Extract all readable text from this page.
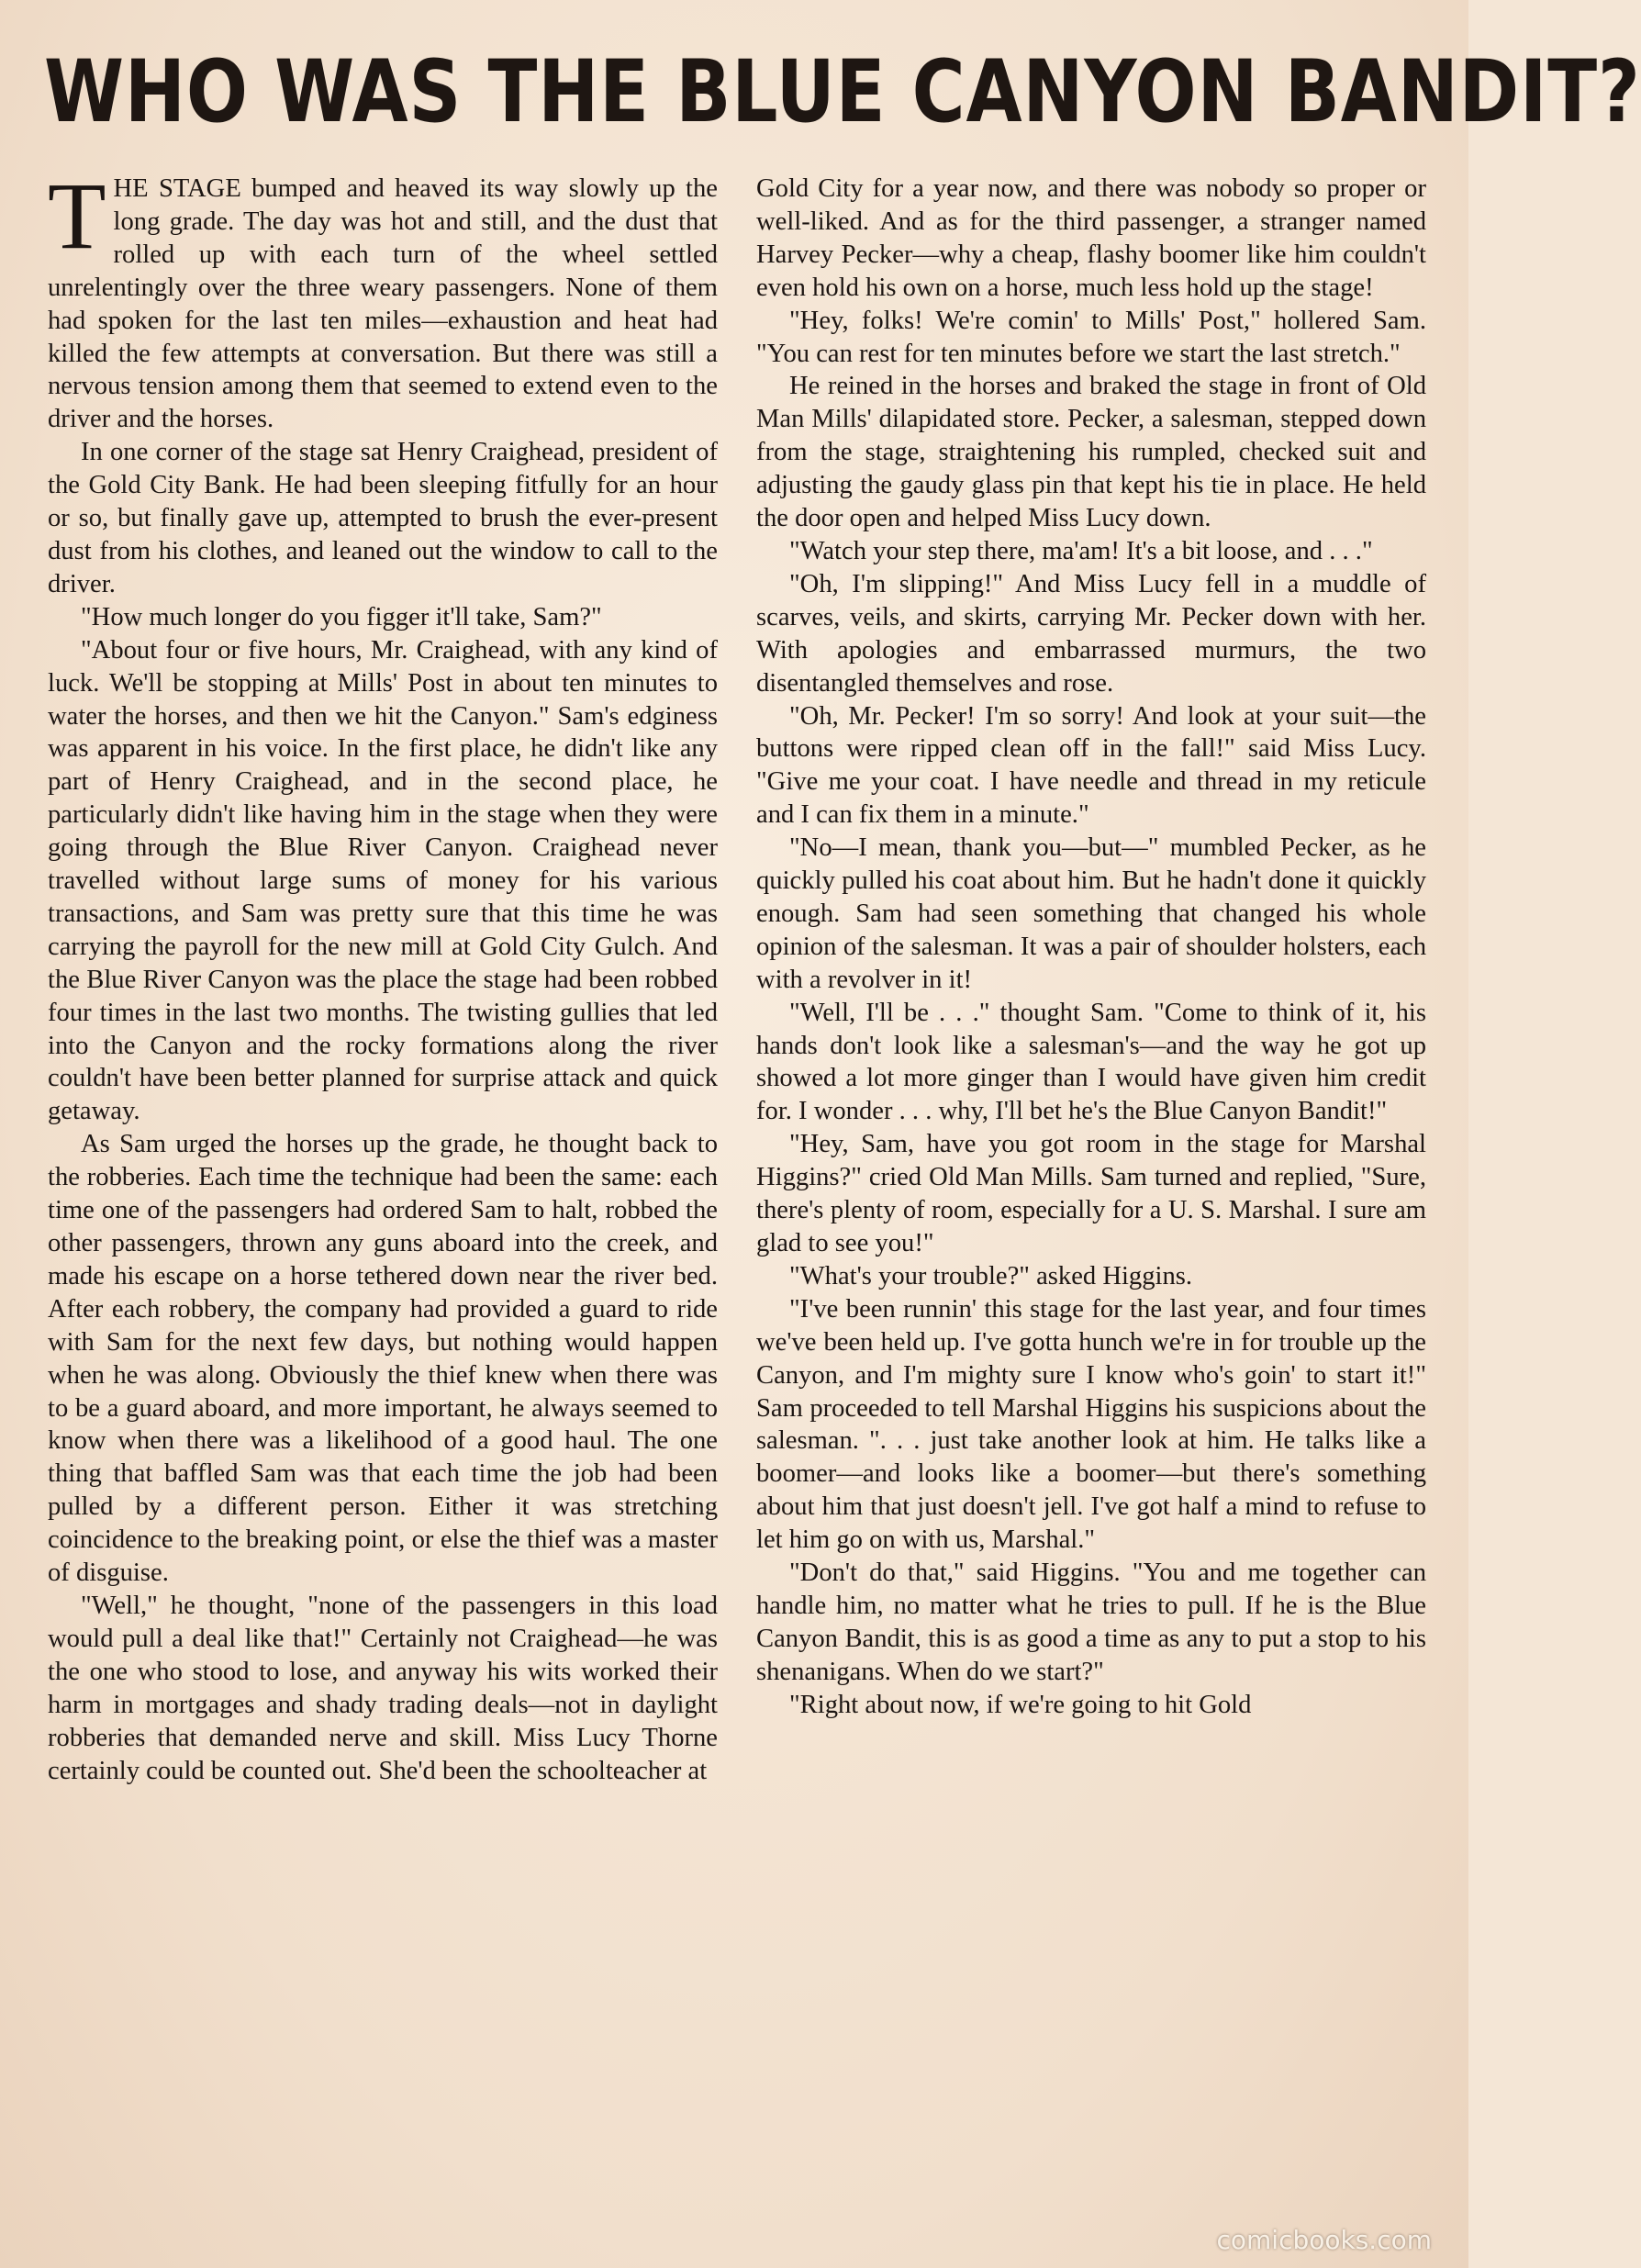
WHO WAS THE BLUE CANYON BANDIT?

THE STAGE bumped and heaved its way slowly up the long grade. The day was hot and still, and the dust that rolled up with each turn of the wheel settled unrelentingly over the three weary passengers. None of them had spoken for the last ten miles—exhaustion and heat had killed the few attempts at conversation. But there was still a nervous tension among them that seemed to extend even to the driver and the horses.

In one corner of the stage sat Henry Craighead, president of the Gold City Bank. He had been sleeping fitfully for an hour or so, but finally gave up, attempted to brush the ever-present dust from his clothes, and leaned out the window to call to the driver.

"How much longer do you figger it'll take, Sam?"

"About four or five hours, Mr. Craighead, with any kind of luck. We'll be stopping at Mills' Post in about ten minutes to water the horses, and then we hit the Canyon." Sam's edginess was apparent in his voice. In the first place, he didn't like any part of Henry Craighead, and in the second place, he particularly didn't like having him in the stage when they were going through the Blue River Canyon. Craighead never travelled without large sums of money for his various transactions, and Sam was pretty sure that this time he was carrying the payroll for the new mill at Gold City Gulch. And the Blue River Canyon was the place the stage had been robbed four times in the last two months. The twisting gullies that led into the Canyon and the rocky formations along the river couldn't have been better planned for surprise attack and quick getaway.

As Sam urged the horses up the grade, he thought back to the robberies. Each time the technique had been the same: each time one of the passengers had ordered Sam to halt, robbed the other passengers, thrown any guns aboard into the creek, and made his escape on a horse tethered down near the river bed. After each robbery, the company had provided a guard to ride with Sam for the next few days, but nothing would happen when he was along. Obviously the thief knew when there was to be a guard aboard, and more important, he always seemed to know when there was a likelihood of a good haul. The one thing that baffled Sam was that each time the job had been pulled by a different person. Either it was stretching coincidence to the breaking point, or else the thief was a master of disguise.

"Well," he thought, "none of the passengers in this load would pull a deal like that!" Certainly not Craighead—he was the one who stood to lose, and anyway his wits worked their harm in mortgages and shady trading deals—not in daylight robberies that demanded nerve and skill. Miss Lucy Thorne certainly could be counted out. She'd been the schoolteacher at

Gold City for a year now, and there was nobody so proper or well-liked. And as for the third passenger, a stranger named Harvey Pecker—why a cheap, flashy boomer like him couldn't even hold his own on a horse, much less hold up the stage!

"Hey, folks! We're comin' to Mills' Post," hollered Sam. "You can rest for ten minutes before we start the last stretch."

He reined in the horses and braked the stage in front of Old Man Mills' dilapidated store. Pecker, a salesman, stepped down from the stage, straightening his rumpled, checked suit and adjusting the gaudy glass pin that kept his tie in place. He held the door open and helped Miss Lucy down.

"Watch your step there, ma'am! It's a bit loose, and . . ."

"Oh, I'm slipping!" And Miss Lucy fell in a muddle of scarves, veils, and skirts, carrying Mr. Pecker down with her. With apologies and embarrassed murmurs, the two disentangled themselves and rose.

"Oh, Mr. Pecker! I'm so sorry! And look at your suit—the buttons were ripped clean off in the fall!" said Miss Lucy. "Give me your coat. I have needle and thread in my reticule and I can fix them in a minute."

"No—I mean, thank you—but—" mumbled Pecker, as he quickly pulled his coat about him. But he hadn't done it quickly enough. Sam had seen something that changed his whole opinion of the salesman. It was a pair of shoulder holsters, each with a revolver in it!

"Well, I'll be . . ." thought Sam. "Come to think of it, his hands don't look like a salesman's—and the way he got up showed a lot more ginger than I would have given him credit for. I wonder . . . why, I'll bet he's the Blue Canyon Bandit!"

"Hey, Sam, have you got room in the stage for Marshal Higgins?" cried Old Man Mills. Sam turned and replied, "Sure, there's plenty of room, especially for a U. S. Marshal. I sure am glad to see you!"

"What's your trouble?" asked Higgins.

"I've been runnin' this stage for the last year, and four times we've been held up. I've gotta hunch we're in for trouble up the Canyon, and I'm mighty sure I know who's goin' to start it!" Sam proceeded to tell Marshal Higgins his suspicions about the salesman. ". . . just take another look at him. He talks like a boomer—and looks like a boomer—but there's something about him that just doesn't jell. I've got half a mind to refuse to let him go on with us, Marshal."

"Don't do that," said Higgins. "You and me together can handle him, no matter what he tries to pull. If he is the Blue Canyon Bandit, this is as good a time as any to put a stop to his shenanigans. When do we start?"

"Right about now, if we're going to hit Gold

comicbooks.com
